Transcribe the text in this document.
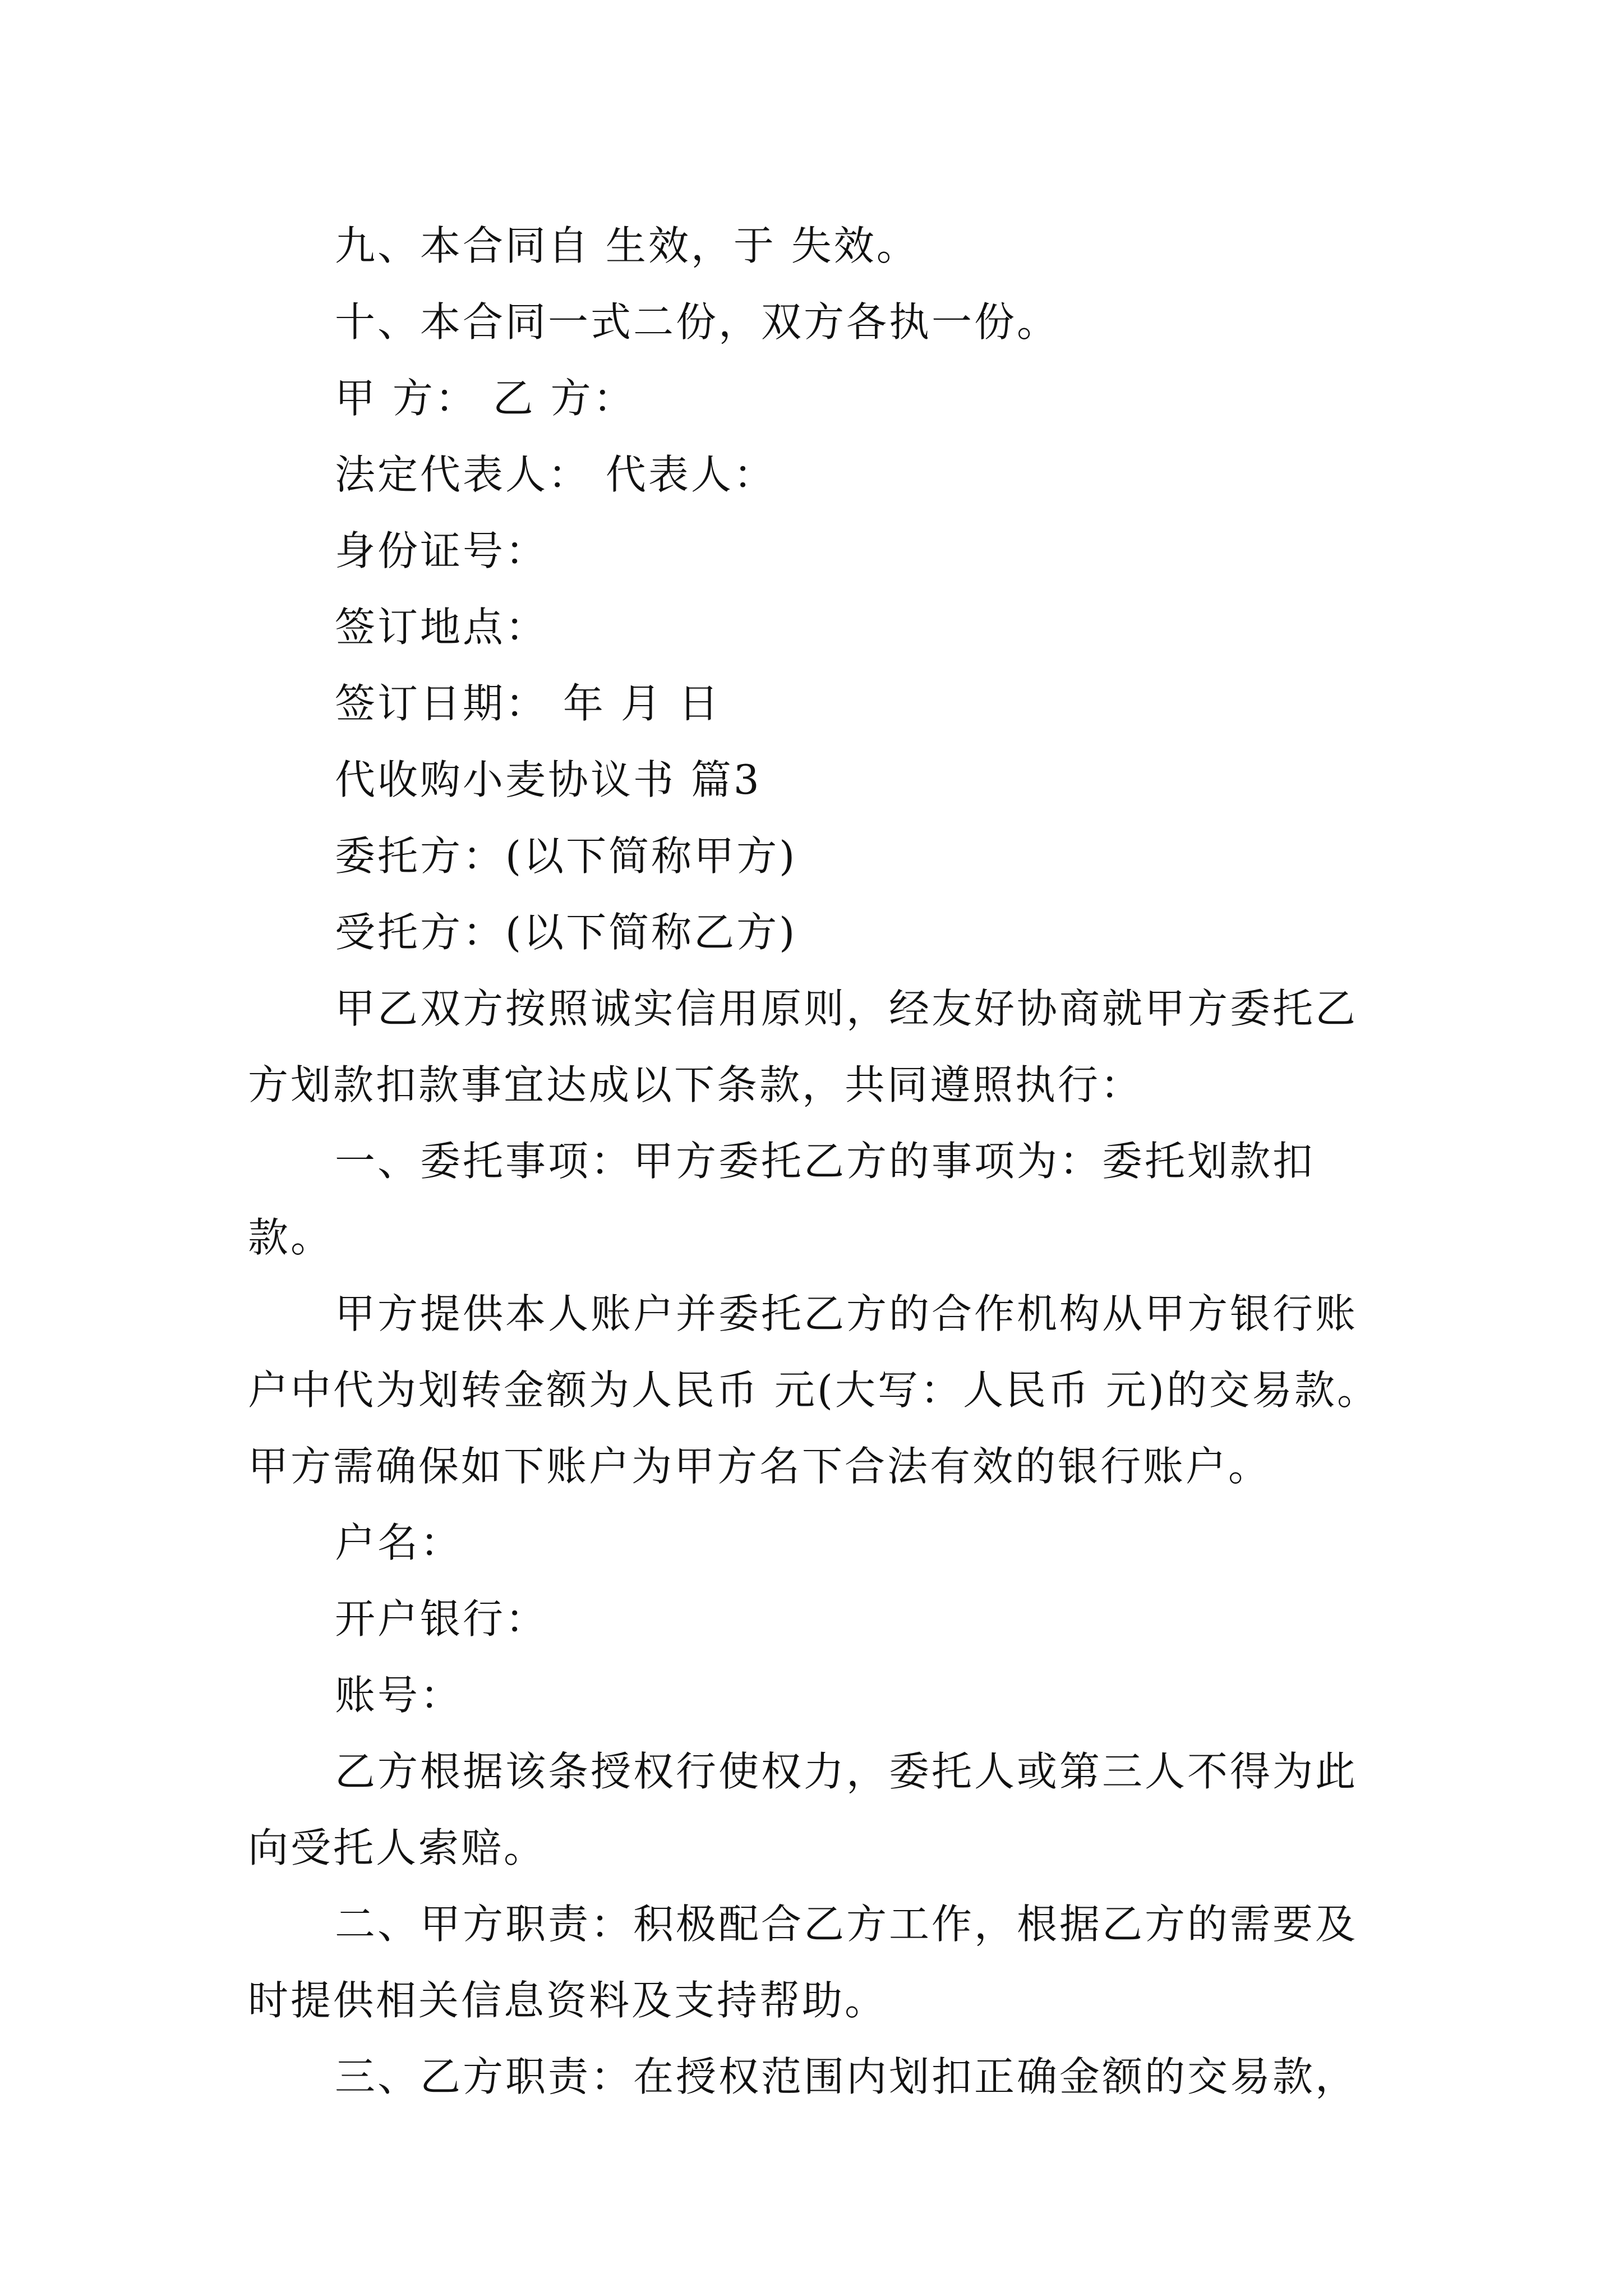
九、本合同自 生效，于 失效。

十、本合同一式二份，双方各执一份。

甲 方： 乙 方：

法定代表人： 代表人：

身份证号：

签订地点：

签订日期： 年 月 日

代收购小麦协议书 篇3

委托方：(以下简称甲方)

受托方：(以下简称乙方)

甲乙双方按照诚实信用原则，经友好协商就甲方委托乙方划款扣款事宜达成以下条款，共同遵照执行：

一、委托事项：甲方委托乙方的事项为：委托划款扣款。

甲方提供本人账户并委托乙方的合作机构从甲方银行账户中代为划转金额为人民币 元(大写：人民币 元)的交易款。 甲方需确保如下账户为甲方名下合法有效的银行账户。

户名：

开户银行：

账号：

乙方根据该条授权行使权力，委托人或第三人不得为此向受托人索赔。

二、甲方职责：积极配合乙方工作，根据乙方的需要及时提供相关信息资料及支持帮助。

三、乙方职责：在授权范围内划扣正确金额的交易款，
